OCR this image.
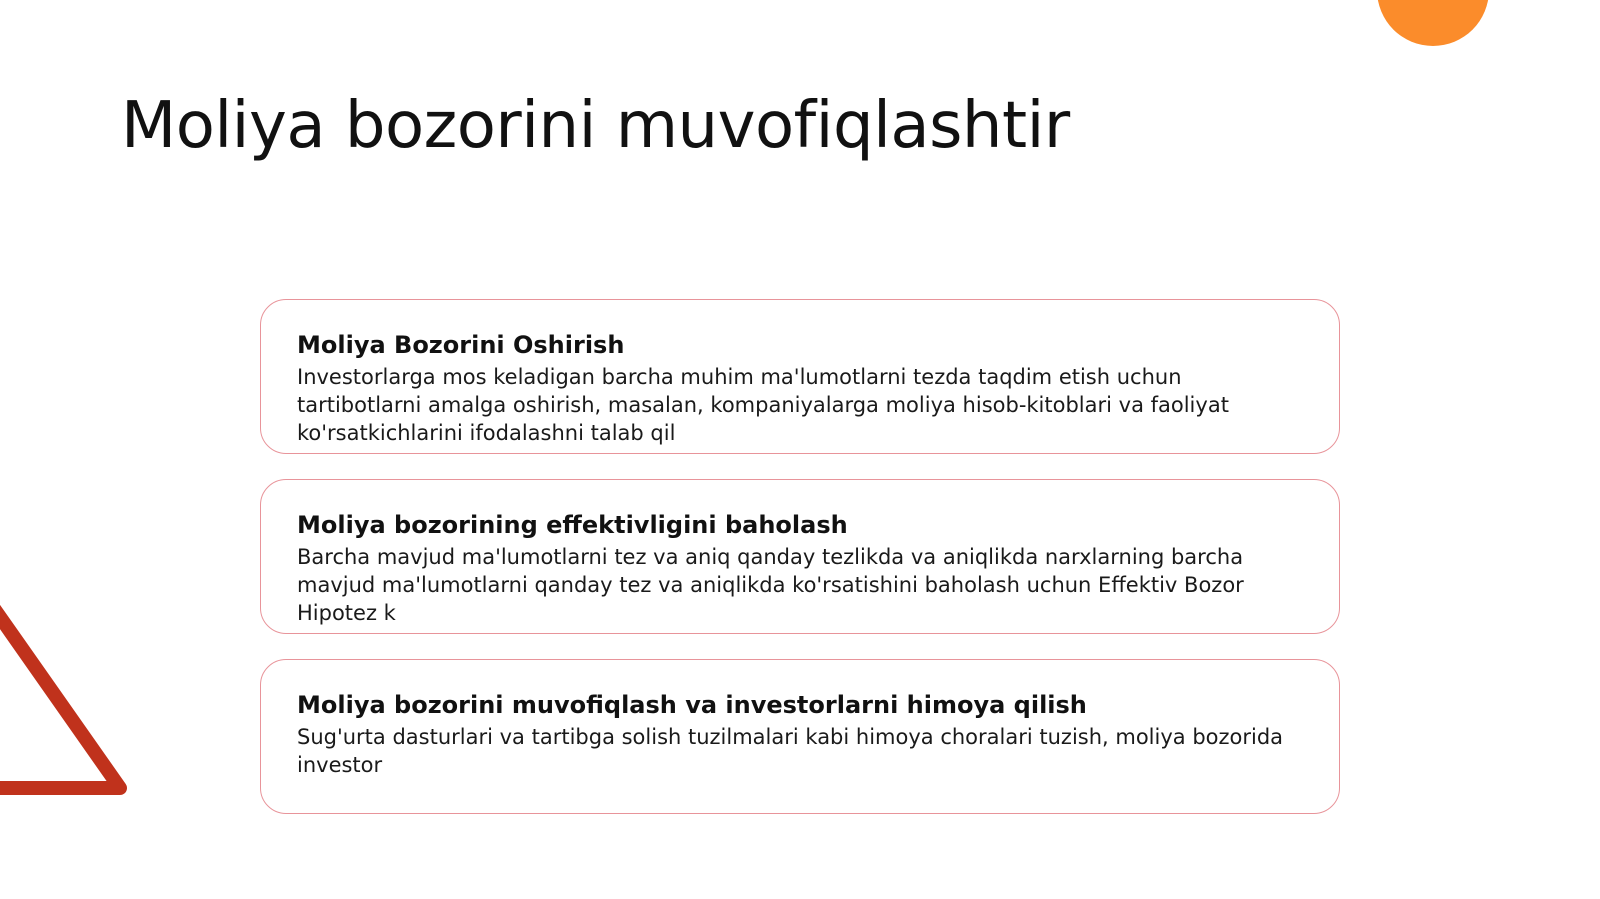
Moliya bozorini muvofiqlashtir
Moliya Bozorini Oshirish

Investorlarga mos keladigan barcha muhim ma'lumotlarni tezda taqdim etish uchun tartibotlarni amalga oshirish, masalan, kompaniyalarga moliya hisob-kitoblari va faoliyat ko'rsatkichlarini ifodalashni talab qil

Moliya bozorining effektivligini baholash

Barcha mavjud ma'lumotlarni tez va aniq qanday tezlikda va aniqlikda narxlarning barcha mavjud ma'lumotlarni qanday tez va aniqlikda ko'rsatishini baholash uchun Effektiv Bozor Hipotez k

Moliya bozorini muvofiqlash va investorlarni himoya qilish

Sug'urta dasturlari va tartibga solish tuzilmalari kabi himoya choralari tuzish, moliya bozorida investor
